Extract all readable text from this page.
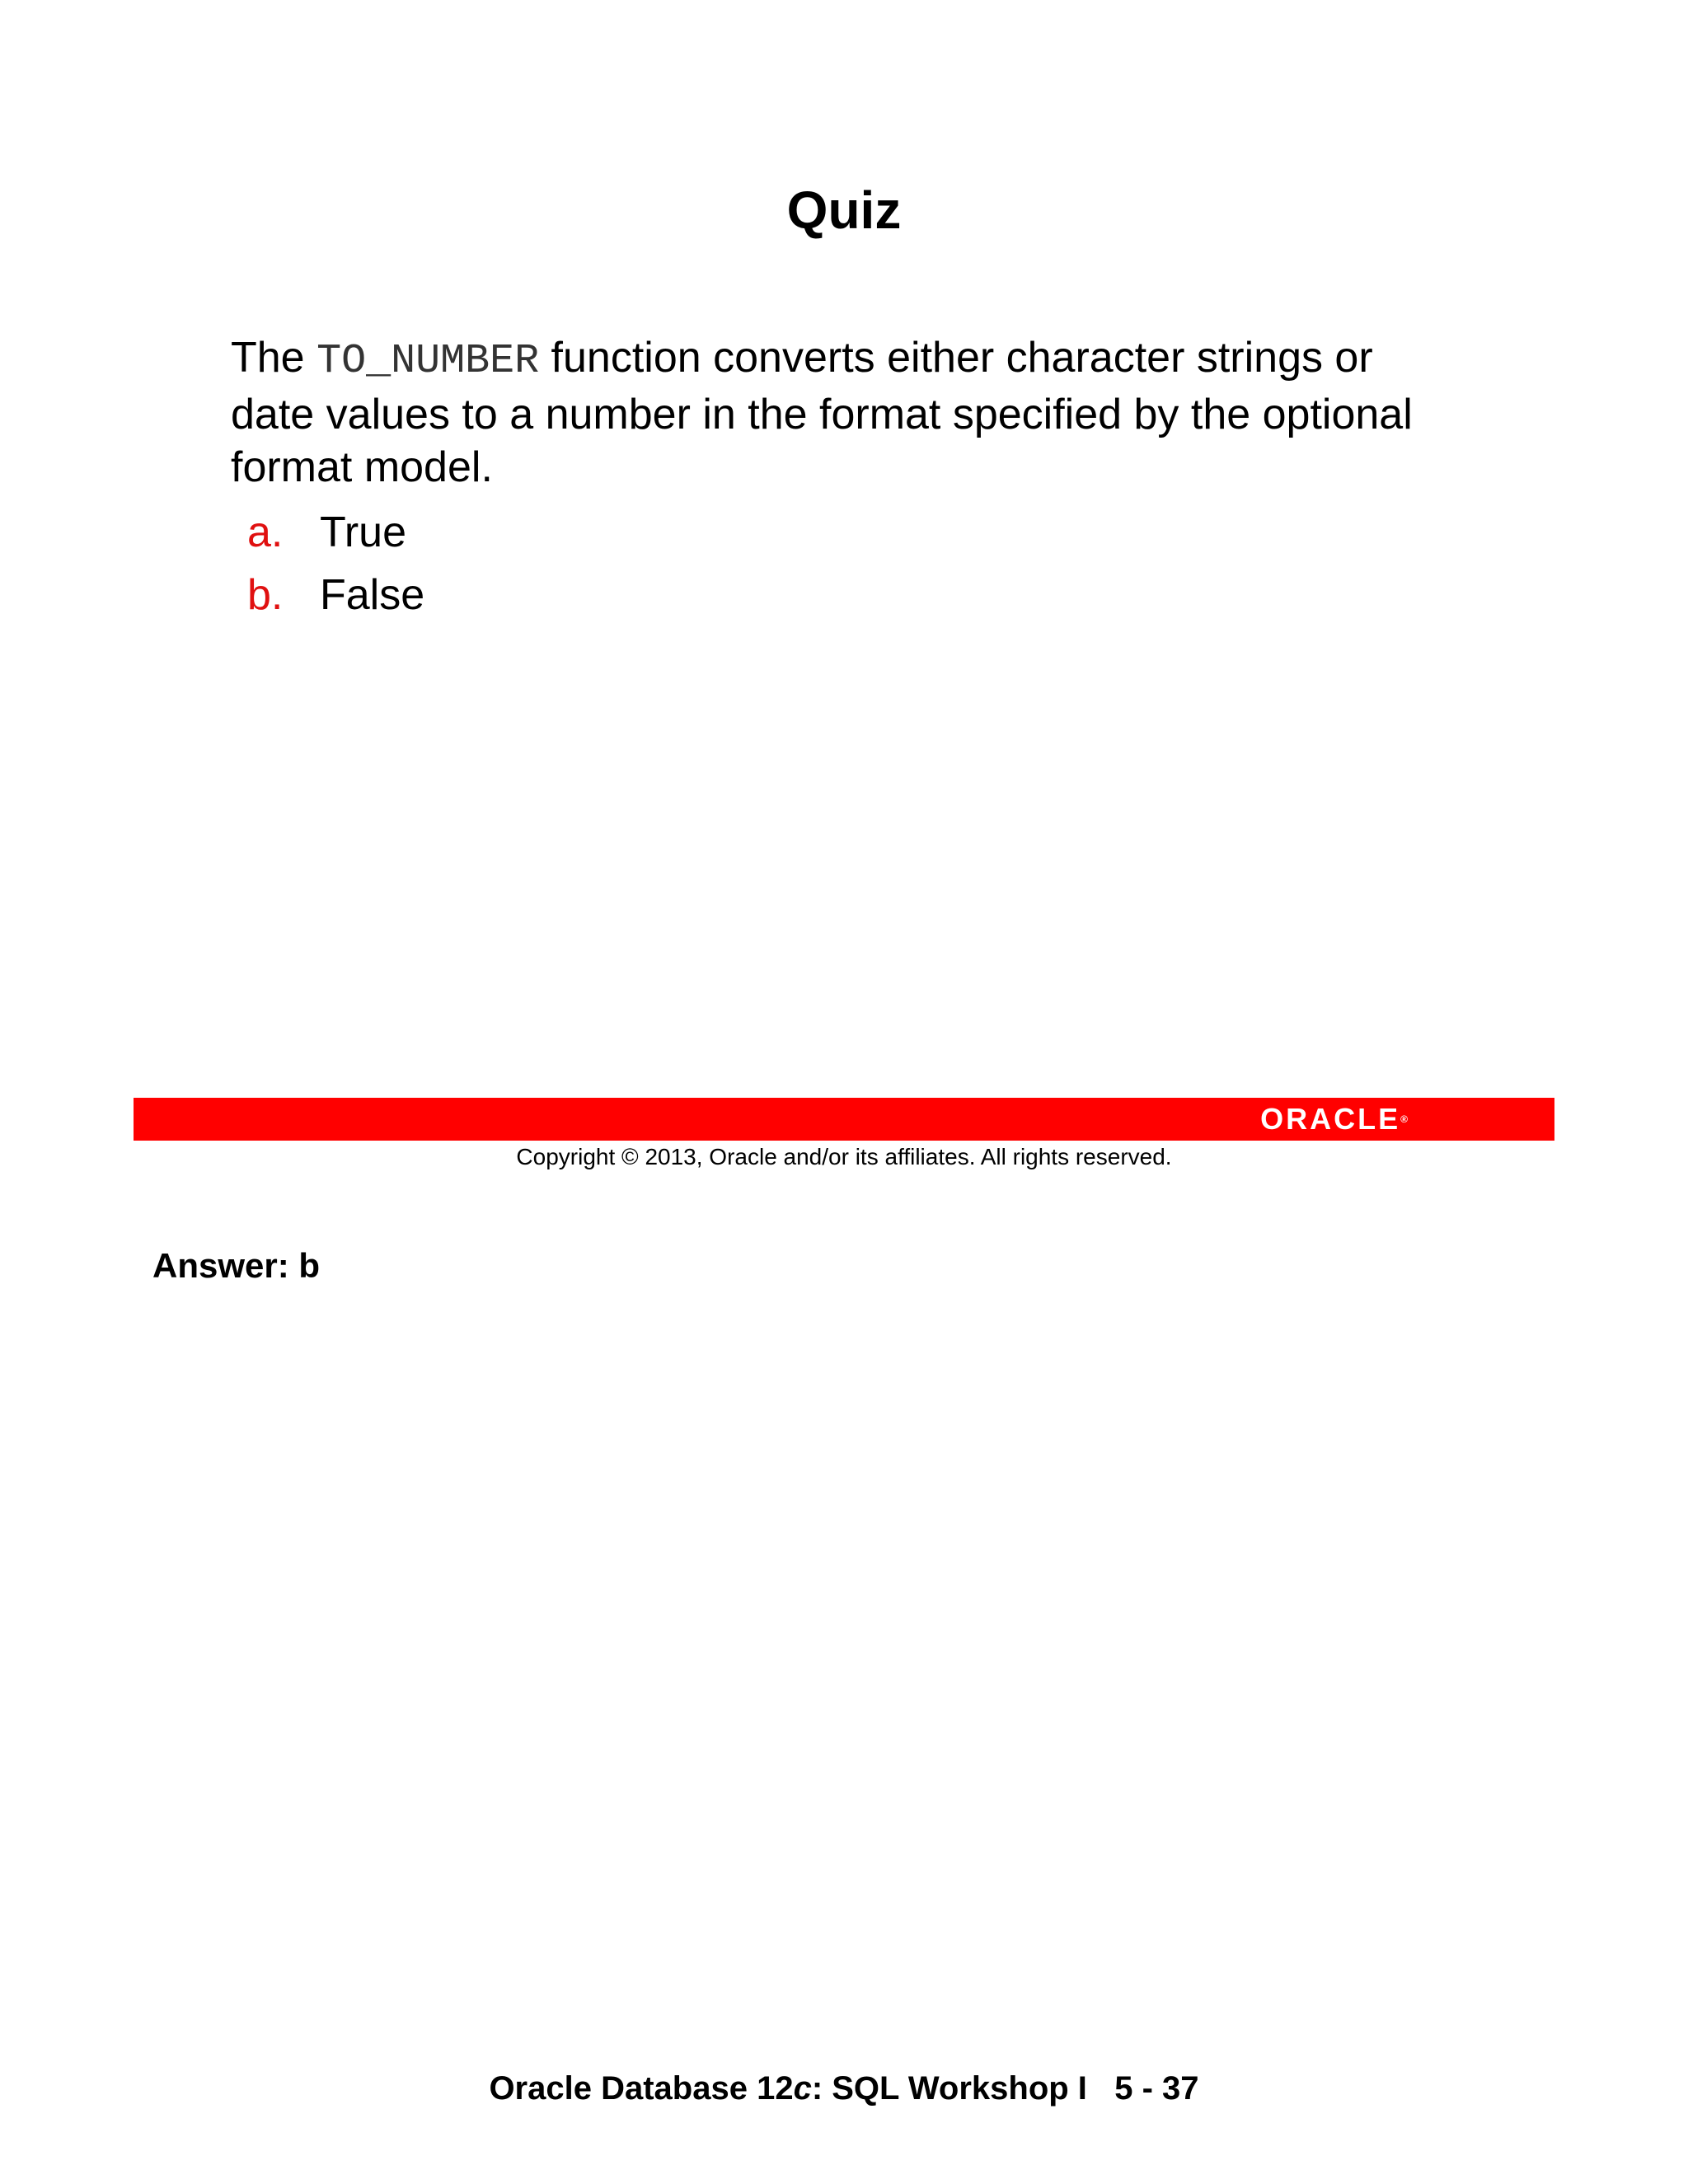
Quiz

The TO_NUMBER function converts either character strings or date values to a number in the format specified by the optional format model.

a. True
b. False
ORACLE®

Copyright © 2013, Oracle and/or its affiliates. All rights reserved.

Answer: b

Oracle Database 12c: SQL Workshop I 5 - 37
